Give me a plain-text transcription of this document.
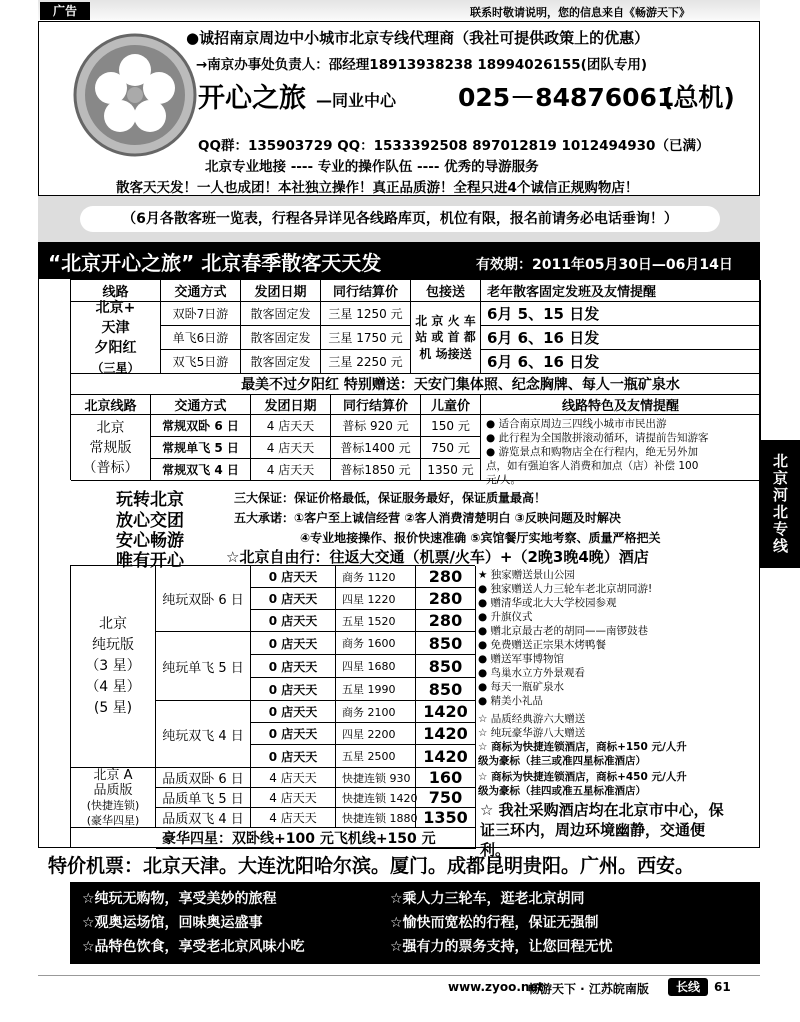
广告	联系时敬请说明，您的信息来自《畅游天下》
●诚招南京周边中小城市北京专线代理商（我社可提供政策上的优惠）
→南京办事处负责人：邵经理18913938238 18994026155(团队专用)
开心之旅 —同业中心 025－84876061
(总机)
QQ群：135903729 QQ：1533392508 897012819 1012494930（已满）
北京专业地接 ---- 专业的操作队伍 ---- 优秀的导游服务
散客天天发！一人也成团！本社独立操作！真正品质游！全程只进4个诚信正规购物店！
（6月各散客班一览表，行程各异详见各线路库页，机位有限，报名前请务必电话垂询！）
“北京开心之旅” 北京春季散客天天发	有效期：2011年05月30日—06月14日
线路	交通方式	发团日期	同行结算价	包接送	老年散客固定发班及友情提醒
北京+
天津
夕阳红
（三星）
双卧7日游	散客固定发	三星 1250 元	6月 5、15 日发
单飞6日游	散客固定发	三星 1750 元	6月 6、16 日发
双飞5日游	散客固定发	三星 2250 元	6月 6、16 日发
北 京 火 车 站 或 首 都 机 场接送
最美不过夕阳红 特别赠送：天安门集体照、纪念胸牌、每人一瓶矿泉水
北京线路	交通方式	发团日期	同行结算价	儿童价	线路特色及友情提醒
北京
常规版
（普标）
常规双卧 6 日	4 店天天	普标 920 元	150 元
常规单飞 5 日	4 店天天	普标1400 元	750 元
常规双飞 4 日	4 店天天	普标1850 元	1350 元
● 适合南京周边三四线小城市市民出游
● 此行程为全国散拼滚动循环，请提前告知游客
● 游览景点和购物店全在行程内，绝无另外加
点，如有强迫客人消费和加点（店）补偿 100
元/人。
玩转北京
放心交团
安心畅游
唯有开心
三大保证：保证价格最低，保证服务最好，保证质量最高！
五大承诺：①客户至上诚信经营 ②客人消费清楚明白 ③反映问题及时解决
④专业地接操作、报价快速准确 ⑤宾馆餐厅实地考察、质量严格把关
☆北京自由行：往返大交通（机票/火车）+（2晚3晚4晚）酒店
北京
纯玩版
（3 星）
（4 星）
(5 星)
纯玩双卧 6 日
纯玩单飞 5 日
纯玩双飞 4 日
0 店天天	商务 1120	280
0 店天天	四星 1220	280
0 店天天	五星 1520	280
0 店天天	商务 1600	850
0 店天天	四星 1680	850
0 店天天	五星 1990	850
0 店天天	商务 2100	1420
0 店天天	四星 2200	1420
0 店天天	五星 2500	1420
★ 独家赠送景山公园
● 独家赠送人力三轮车老北京胡同游!
● 赠清华或北大大学校园参观
● 升旗仪式
● 赠北京最古老的胡同——南锣鼓巷
● 免费赠送正宗果木烤鸭餐
● 赠送军事博物馆
● 鸟巢水立方外景观看
● 每天一瓶矿泉水
● 精美小礼品
☆ 品质经典游六大赠送
☆ 纯玩豪华游八大赠送
☆ 商标为快捷连锁酒店，商标+150 元/人升
级为豪标（挂三或准四星标准酒店）
☆ 商标为快捷连锁酒店，商标+450 元/人升
级为豪标（挂四或准五星标准酒店）
☆ 我社采购酒店均在北京市中心，保证三环内，周边环境幽静，交通便利。
北京 A
品质版
(快捷连锁)
(豪华四星)
品质双卧 6 日	4 店天天	快捷连锁 930	160
品质单飞 5 日	4 店天天	快捷连锁 1420 750
品质双飞 4 日	4 店天天	快捷连锁 1880 1350
豪华四星：双卧线+100 元飞机线+150 元
北京河北专线
特价机票：北京天津。大连沈阳哈尔滨。厦门。成都昆明贵阳。广州。西安。
☆纯玩无购物，享受美妙的旅程
☆观奥运场馆，回味奥运盛事
☆品特色饮食，享受老北京风味小吃
☆乘人力三轮车，逛老北京胡同
☆愉快而宽松的行程，保证无强制
☆强有力的票务支持，让您回程无忧
www.zyoo.net
畅游天下 · 江苏皖南版	长线	61
